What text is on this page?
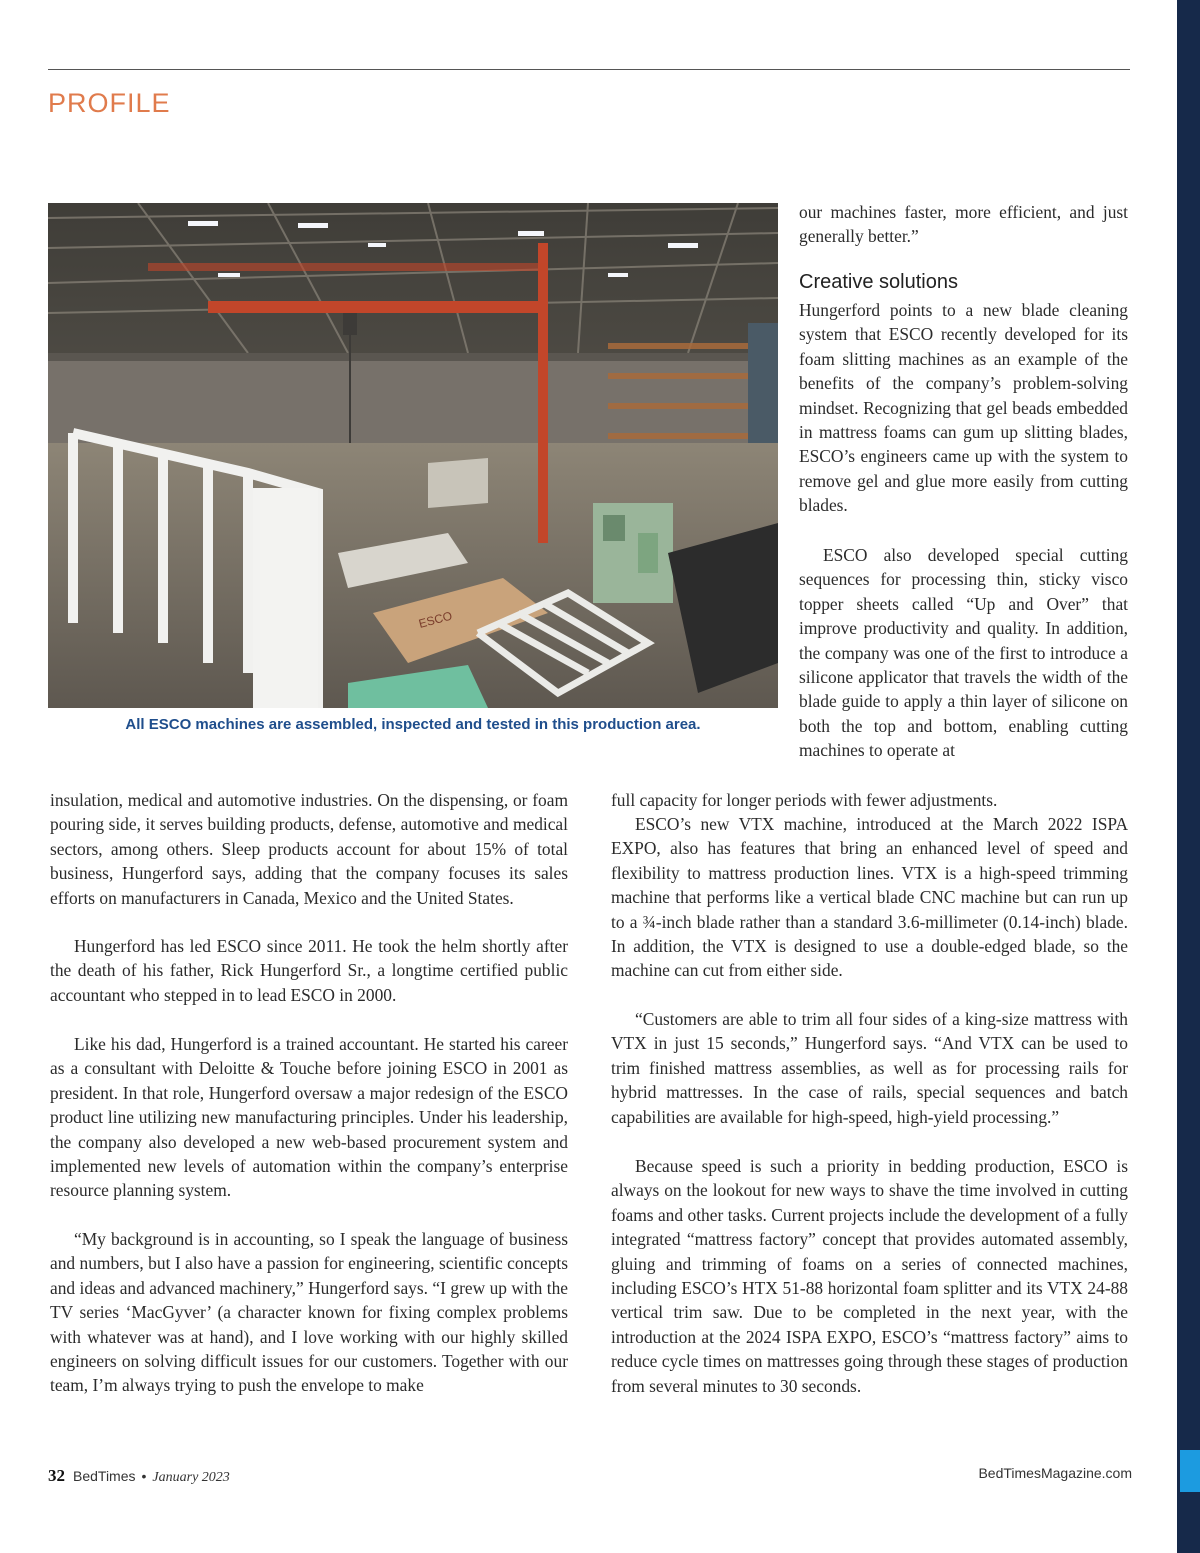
PROFILE
ESCO

All ESCO machines are assembled, inspected and tested in this production area.

our machines faster, more efficient, and just generally better.”

Creative solutions

Hungerford points to a new blade cleaning system that ESCO recently developed for its foam slitting machines as an example of the benefits of the company’s problem-solving mindset. Recognizing that gel beads embedded in mattress foams can gum up slitting blades, ESCO’s engineers came up with the system to remove gel and glue more easily from cutting blades.

ESCO also developed special cutting sequences for processing thin, sticky visco topper sheets called “Up and Over” that improve productivity and quality. In addition, the company was one of the first to introduce a silicone applicator that travels the width of the blade guide to apply a thin layer of silicone on both the top and bottom, enabling cutting machines to operate at

full capacity for longer periods with fewer adjustments.

ESCO’s new VTX machine, introduced at the March 2022 ISPA EXPO, also has features that bring an enhanced level of speed and flexibility to mattress production lines. VTX is a high-speed trimming machine that performs like a vertical blade CNC machine but can run up to a ¾-inch blade rather than a standard 3.6-millimeter (0.14-inch) blade. In addition, the VTX is designed to use a double-edged blade, so the machine can cut from either side.

“Customers are able to trim all four sides of a king-size mattress with VTX in just 15 seconds,” Hungerford says. “And VTX can be used to trim finished mattress assemblies, as well as for processing rails for hybrid mattresses. In the case of rails, special sequences and batch capabilities are available for high-speed, high-yield processing.”

Because speed is such a priority in bedding production, ESCO is always on the lookout for new ways to shave the time involved in cutting foams and other tasks. Current projects include the development of a fully integrated “mattress factory” concept that provides automated assembly, gluing and trimming of foams on a series of connected machines, including ESCO’s HTX 51-88 horizontal foam splitter and its VTX 24-88 vertical trim saw. Due to be completed in the next year, with the introduction at the 2024 ISPA EXPO, ESCO’s “mattress factory” aims to reduce cycle times on mattresses going through these stages of production from several minutes to 30 seconds.

insulation, medical and automotive industries. On the dispensing, or foam pouring side, it serves building products, defense, automotive and medical sectors, among others. Sleep products account for about 15% of total business, Hungerford says, adding that the company focuses its sales efforts on manufacturers in Canada, Mexico and the United States.

Hungerford has led ESCO since 2011. He took the helm shortly after the death of his father, Rick Hungerford Sr., a longtime certified public accountant who stepped in to lead ESCO in 2000.

Like his dad, Hungerford is a trained accountant. He started his career as a consultant with Deloitte & Touche before joining ESCO in 2001 as president. In that role, Hungerford oversaw a major redesign of the ESCO product line utilizing new manufacturing principles. Under his leadership, the company also developed a new web-based procurement system and implemented new levels of automation within the company’s enterprise resource planning system.

“My background is in accounting, so I speak the language of business and numbers, but I also have a passion for engineering, scientific concepts and ideas and advanced machinery,” Hungerford says. “I grew up with the TV series ‘MacGyver’ (a character known for fixing complex problems with whatever was at hand), and I love working with our highly skilled engineers on solving difficult issues for our customers. Together with our team, I’m always trying to push the envelope to make

32 BedTimes • January 2023	BedTimesMagazine.com
